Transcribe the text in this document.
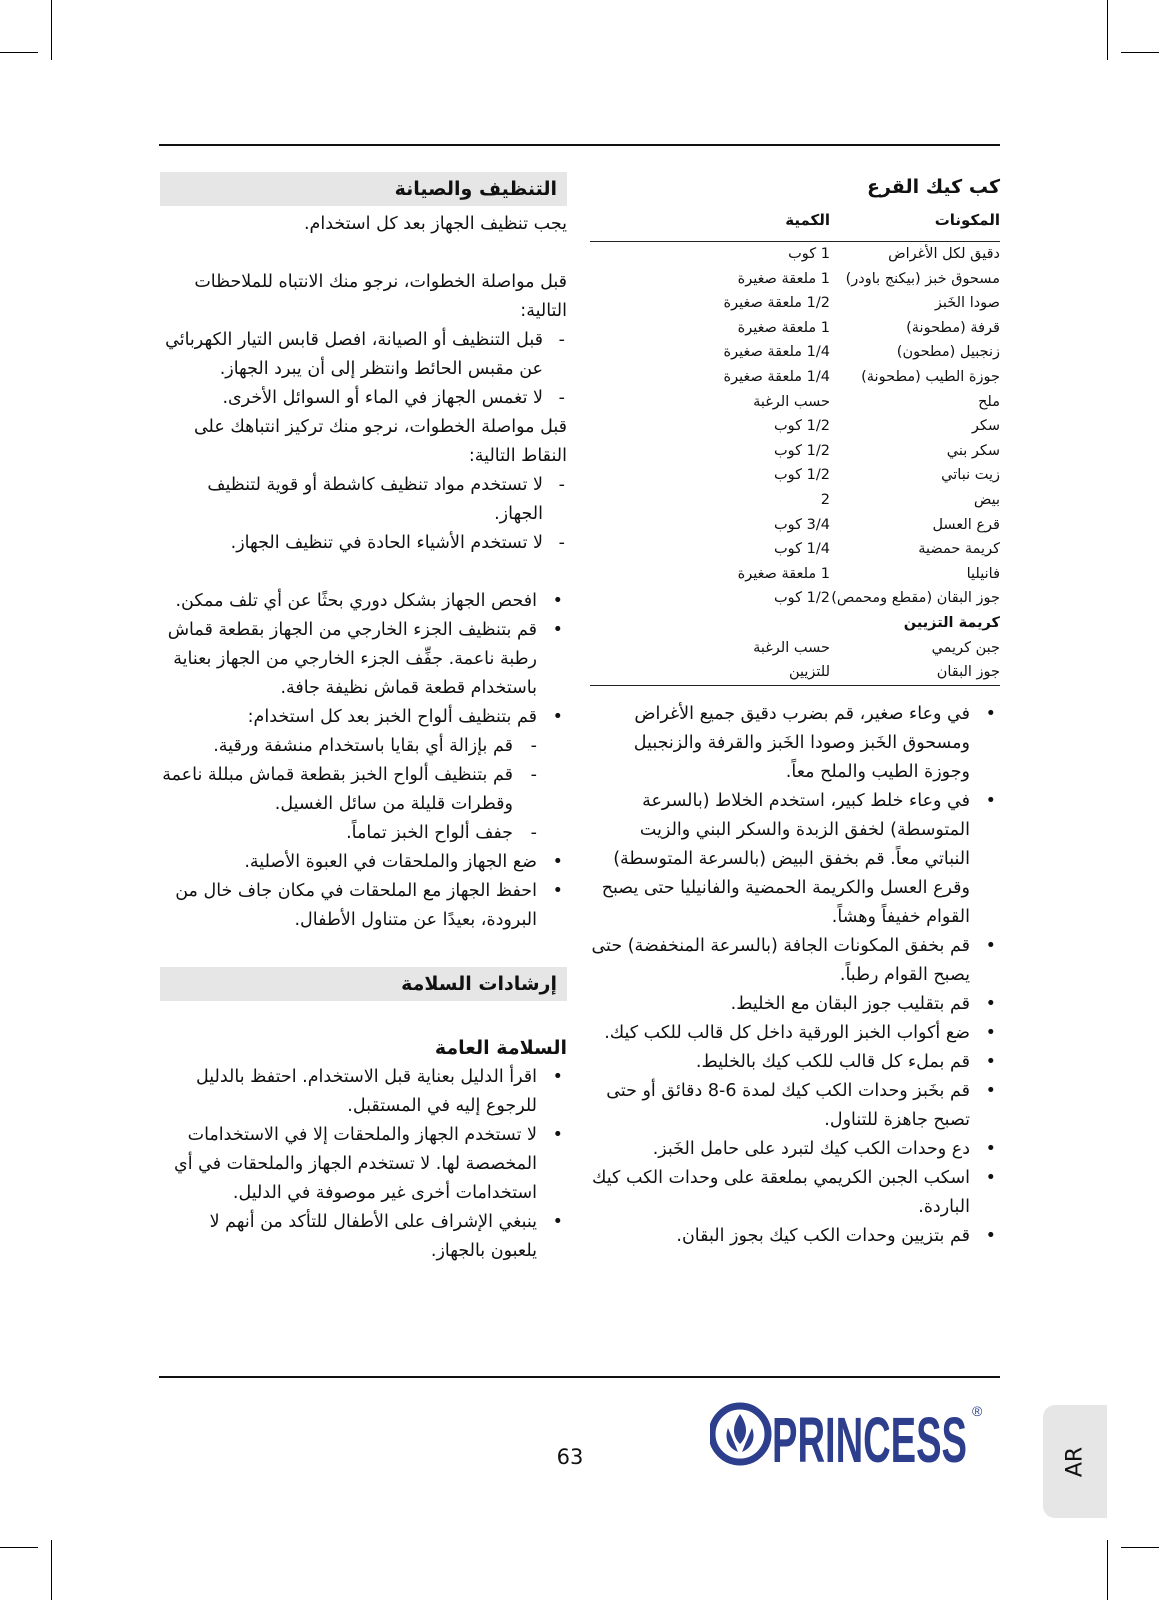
كب كيك القرع
المكونات	الكمية
دقيق لكل الأغراض	1 كوب
مسحوق خبز (بيكنج باودر)	1 ملعقة صغيرة
صودا الخَبز	1/2 ملعقة صغيرة
قرفة (مطحونة)	1 ملعقة صغيرة
زنجبيل (مطحون)	1/4 ملعقة صغيرة
جوزة الطيب (مطحونة)	1/4 ملعقة صغيرة
ملح	حسب الرغبة
سكر	1/2 كوب
سكر بني	1/2 كوب
زيت نباتي	1/2 كوب
بيض	2
قرع العسل	3/4 كوب
كريمة حمضية	1/4 كوب
فانيليا	1 ملعقة صغيرة
جوز البقان (مقطع ومحمص)	1/2 كوب
كريمة التزيين	
جبن كريمي	حسب الرغبة
جوز البقان	للتزيين
• في وعاء صغير، قم بضرب دقيق جميع الأغراض ومسحوق الخَبز وصودا الخَبز والقرفة والزنجبيل وجوزة الطيب والملح معاً.
• في وعاء خلط كبير، استخدم الخلاط (بالسرعة المتوسطة) لخفق الزبدة والسكر البني والزيت النباتي معاً. قم بخفق البيض (بالسرعة المتوسطة) وقرع العسل والكريمة الحمضية والفانيليا حتى يصبح القوام خفيفاً وهشاً.
• قم بخفق المكونات الجافة (بالسرعة المنخفضة) حتى يصبح القوام رطباً.
• قم بتقليب جوز البقان مع الخليط.
• ضع أكواب الخبز الورقية داخل كل قالب للكب كيك.
• قم بملء كل قالب للكب كيك بالخليط.
• قم بخَبز وحدات الكب كيك لمدة 6-8 دقائق أو حتى تصبح جاهزة للتناول.
• دع وحدات الكب كيك لتبرد على حامل الخَبز.
• اسكب الجبن الكريمي بملعقة على وحدات الكب كيك الباردة.
• قم بتزيين وحدات الكب كيك بجوز البقان.
التنظيف والصيانة

يجب تنظيف الجهاز بعد كل استخدام.

قبل مواصلة الخطوات، نرجو منك الانتباه للملاحظات التالية:

- قبل التنظيف أو الصيانة، افصل قابس التيار الكهربائي عن مقبس الحائط وانتظر إلى أن يبرد الجهاز.
- لا تغمس الجهاز في الماء أو السوائل الأخرى.

قبل مواصلة الخطوات، نرجو منك تركيز انتباهك على النقاط التالية:

- لا تستخدم مواد تنظيف كاشطة أو قوية لتنظيف الجهاز.
- لا تستخدم الأشياء الحادة في تنظيف الجهاز.
• افحص الجهاز بشكل دوري بحثًا عن أي تلف ممكن.
• قم بتنظيف الجزء الخارجي من الجهاز بقطعة قماش رطبة ناعمة. جفِّف الجزء الخارجي من الجهاز بعناية باستخدام قطعة قماش نظيفة جافة.
• قم بتنظيف ألواح الخبز بعد كل استخدام:
- قم بإزالة أي بقايا باستخدام منشفة ورقية.
- قم بتنظيف ألواح الخبز بقطعة قماش مبللة ناعمة وقطرات قليلة من سائل الغسيل.
- جفف ألواح الخبز تماماً.
• ضع الجهاز والملحقات في العبوة الأصلية.
• احفظ الجهاز مع الملحقات في مكان جاف خال من البرودة، بعيدًا عن متناول الأطفال.
إرشادات السلامة
السلامة العامة
• اقرأ الدليل بعناية قبل الاستخدام. احتفظ بالدليل للرجوع إليه في المستقبل.
• لا تستخدم الجهاز والملحقات إلا في الاستخدامات المخصصة لها. لا تستخدم الجهاز والملحقات في أي استخدامات أخرى غير موصوفة في الدليل.
• ينبغي الإشراف على الأطفال للتأكد من أنهم لا يلعبون بالجهاز.
PRINCESS ®
63	AR
